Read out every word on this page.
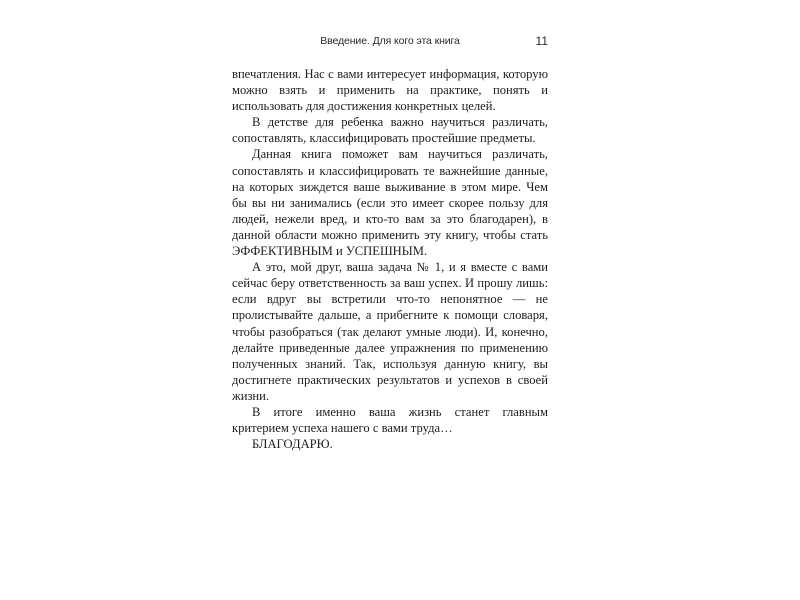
Введение. Для кого эта книга	11

впечатления. Нас с вами интересует информация, которую можно взять и применить на практике, понять и использовать для достижения конкретных целей.

В детстве для ребенка важно научиться различать, сопоставлять, классифицировать простейшие предметы.

Данная книга поможет вам научиться различать, сопоставлять и классифицировать те важнейшие данные, на которых зиждется ваше выживание в этом мире. Чем бы вы ни занимались (если это имеет скорее пользу для людей, нежели вред, и кто-то вам за это благодарен), в данной области можно применить эту книгу, чтобы стать ЭФФЕКТИВНЫМ и УСПЕШНЫМ.

А это, мой друг, ваша задача № 1, и я вместе с вами сейчас беру ответственность за ваш успех. И прошу лишь: если вдруг вы встретили что-то непонятное — не пролистывайте дальше, а прибегните к помощи словаря, чтобы разобраться (так делают умные люди). И, конечно, делайте приведенные далее упражнения по применению полученных знаний. Так, используя данную книгу, вы достигнете практических результатов и успехов в своей жизни.

В итоге именно ваша жизнь станет главным критерием успеха нашего с вами труда…

БЛАГОДАРЮ.
